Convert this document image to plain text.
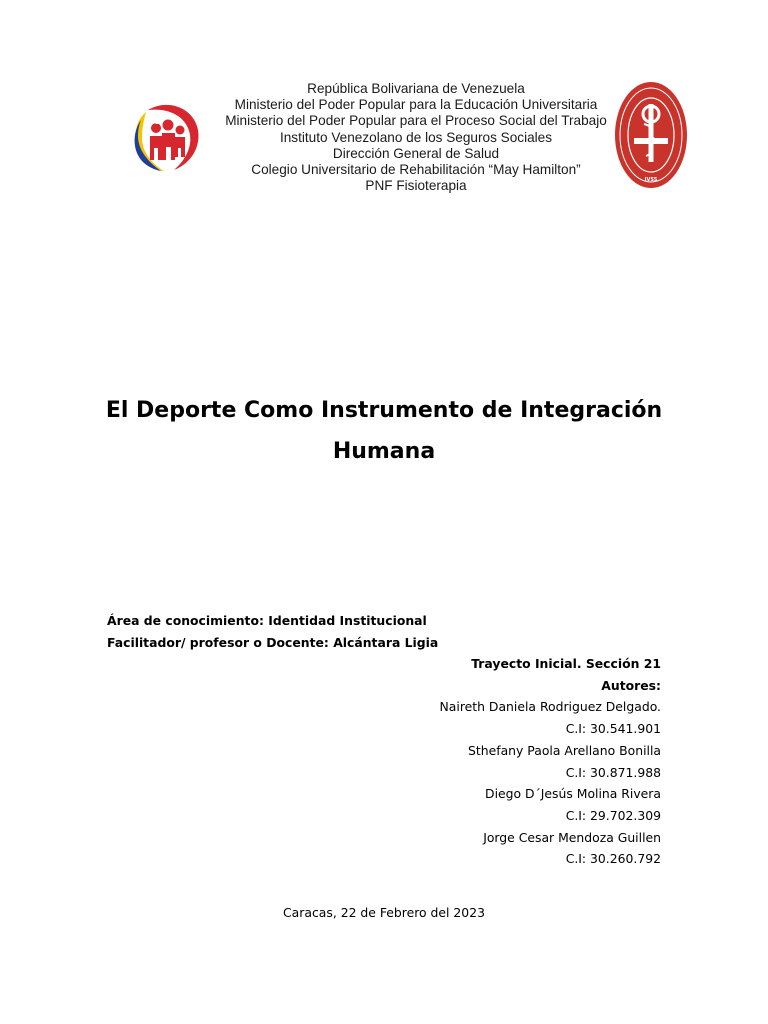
IVSS
República Bolivariana de Venezuela
Ministerio del Poder Popular para la Educación Universitaria
Ministerio del Poder Popular para el Proceso Social del Trabajo
Instituto Venezolano de los Seguros Sociales
Dirección General de Salud
Colegio Universitario de Rehabilitación “May Hamilton”
PNF Fisioterapia	IVSS
El Deporte Como Instrumento de Integración
Humana
Área de conocimiento: Identidad Institucional
Facilitador/ profesor o Docente: Alcántara Ligia
Trayecto Inicial. Sección 21
Autores:
Naireth Daniela Rodriguez Delgado.
C.I: 30.541.901
Sthefany Paola Arellano Bonilla
C.I: 30.871.988
Diego D´Jesús Molina Rivera
C.I: 29.702.309
Jorge Cesar Mendoza Guillen
C.I: 30.260.792
Caracas, 22 de Febrero del 2023
